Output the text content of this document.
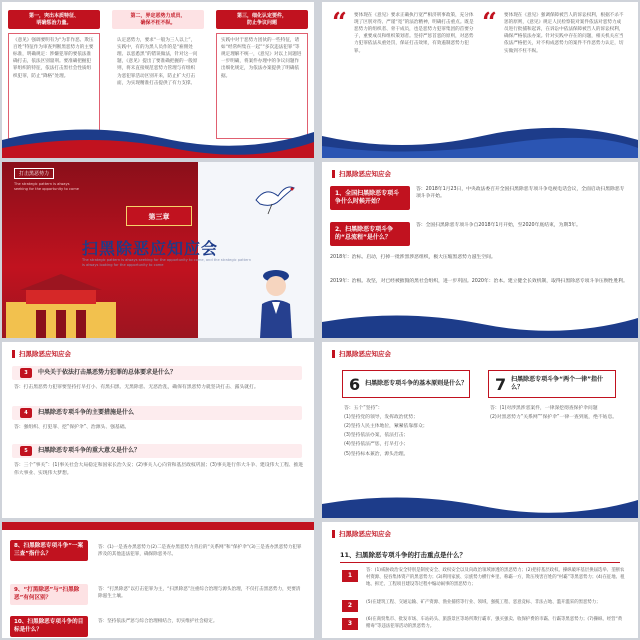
第一，突出本质特征、
明确惩治力量。
《意见》强调要明有为“为非作恶、欺压百姓”特征作为审查判断黑恶势力的主要标准，明确规定：涉嫌犯罪的要依法准确打击，依法区别量刑。要准确把握犯罪组织的特征，依法打击黑社会性质组织犯罪，防止“降格”处理。
第二，界定恶势力成员、
确保不枉不纵。
认定恶势力，要求“一般为三人以上”，实践中，有的为黑人员作的是“雇佣处理、以恶悉黑”的错误做法，针对这一问题，《意见》提出了要准确把握的一般原则，将未直接规范恶势力管理与有组织为恶犯罪活动区别开来，防止扩大打击面，为实现精准打击提供了有力支撑。
第三，细化认定要件，
防止争议问题
实践中对于恶势力团伙的一些特征，诸如“经常纠集在一起”“多次违法犯罪”等规定理解不统一，《意见》对以上问题进一步明确，将案件办理中的争议问题作出细化规定，为依法办案提供了明确依据。
“ 要体现在《意见》要求正确执行宽严相济刑事政策，充分体现了区别对待、严谨“宽”的法治精神，明确打击重点。既是恶势力的组织者、骨干成员，也是恶势力犯罪集团的首要分子，重要成员和组织策划者。坚持严惩首恶的原则，对恶势力犯罪依法从重处罚，保证打击效果，有效遏制恶势力犯罪。
“ 要体现在《意见》强调保障被告人的诉讼权利，根据不杀不惩的原则，《意见》规定人民检察院对案件依法对恶势力成员进行批捕和起诉，在诉讼中依法保障被告人的诉讼权利，确保严格依法办案。针对实践中存在的问题，相关机关应当依法严格把关，对不构成恶势力的案件不作恶势力认定，切实做到不枉不纵。
打击黑恶势力
The strategic pattern is always seeking for the opportunity to come
第三章
扫黑除恶应知应会
The strategic pattern is always seeking for the opportunity to come, and the strategic pattern is always looking for the opportunity to come
扫黑除恶应知应会
1、全国扫黑除恶专项斗争什么时候开始？
答：2018年1月23日，中央政法委召开全国扫黑除恶专项斗争电视电话会议，全面启动扫黑除恶专项斗争开始。
2、扫黑除恶专项斗争的“总流程”是什么？
答：全国扫黑除恶专项斗争自2018年1月开始，至2020年底结束，为期3年。
2018年：治标。启动，打掉一批涉黑涉恶组织，极大压缩黑恶势力滋生空间。
2019年：治根。攻坚，对已经被摧毁的黑社会组织，进一步巩固。2020年：治本。建立健全长效机制，取得扫黑除恶专项斗争压倒性胜利。
扫黑除恶应知应会
3	中央关于依法打击黑恶势力犯罪的总体要求是什么？
答：打击黑恶势力犯罪要坚持打早打小、有黑扫黑、无黑除恶、无恶治乱，确保有黑恶势力就坚决打击、露头就打。
4	扫黑除恶专项斗争的主要措施是什么
答：强组织、打犯罪、挖“保护伞”、治源头、强基础。
5	扫黑除恶专项斗争的重大意义是什么？
答：三个“事关”：(1)事关社会大局稳定和国家长治久安；(2)事关人心向背和基层政权巩固；(3)事关进行伟大斗争、建设伟大工程、推进伟大事业、实现伟大梦想。
扫黑除恶应知应会
6 扫黑除恶专项斗争的基本原则是什么？ 7 扫黑除恶专项斗争“两个一律”指什么？
答：五个“坚持”：
(1)坚持党的领导，发挥政治优势；
(2)坚持人民主体地位，紧紧依靠群众；
(3)坚持依法办案，依法打击；
(4)坚持依法严惩，打早打小；
(5)坚持标本兼治，源头治理。
答：(1)对涉黑涉恶案件，一律深挖彻查保护伞问题
(2)对黑恶势力“关系网”“保护伞”一律一查到底，绝不姑息。
8、扫黑除恶专项斗争“一案三查”指什么？
答：(1)一是查办黑恶势力(2)二是查办黑恶势力背后的“关系网”和“保护伞”(3)三是查办黑恶势力犯罪涉及的其他违法犯罪，确保除恶务尽。
9、“打黑除恶”与“扫黑除恶”有何区别？
答：“打黑除恶”以打击犯罪为主，“扫黑除恶”注重综合治理与源头治理，不仅打击黑恶势力，更要清除滋生土壤。
10、扫黑除恶专项斗争的目标是什么？
答：坚持依法严惩与综合治理相结合，切实维护社会稳定。
扫黑除恶应知应会
11、扫黑除恶专项斗争的打击重点是什么？
1
答：(1)威胁政治安全特别是制度安全、政权安全以及向政治领域渗透的黑恶势力；(2)把持基层政权、操纵破坏基层换届选举、垄断农村资源、侵吞集体资产的黑恶势力；(3)利用家族、宗族势力横行乡里、称霸一方，欺压残害百姓的“村霸”等黑恶势力；(4)在征地、租地、拆迁、工程项目建设等过程中煽动闹事的黑恶势力；
2	(5)在建筑工程、交通运输、矿产资源、渔业捕捞等行业、领域，强揽工程、恶意竞标、非法占地、滥开滥采的黑恶势力；
3
(6)在商贸集市、批发市场、车站码头、旅游景区等场所欺行霸市、强买强卖、收保护费的市霸、行霸等黑恶势力；(7)操纵、经营“黄赌毒”等违法犯罪活动的黑恶势力。
